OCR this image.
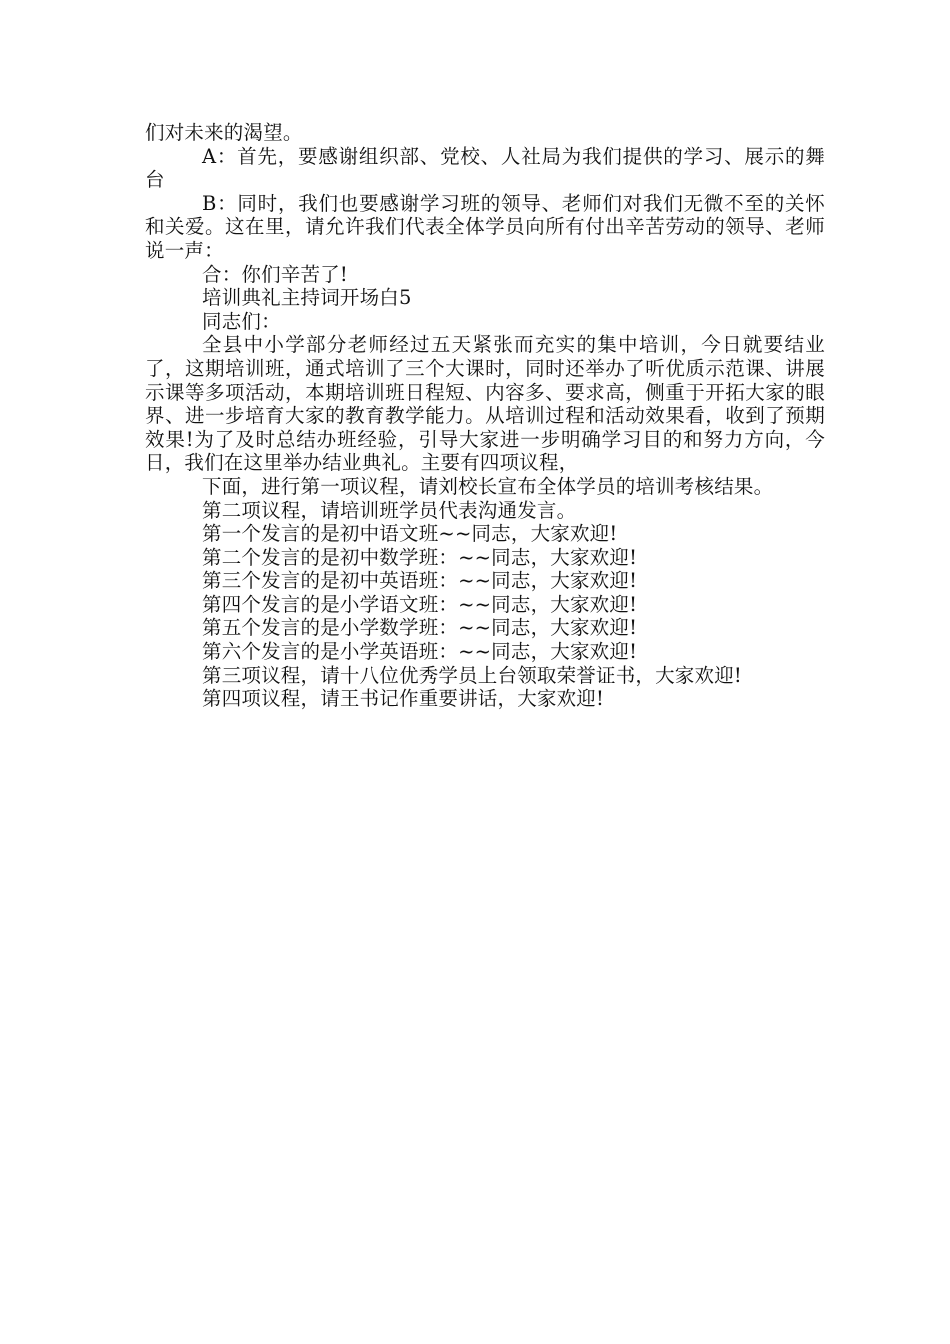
们对未来的渴望。

A：首先，要感谢组织部、党校、人社局为我们提供的学习、展示的舞台

B：同时，我们也要感谢学习班的领导、老师们对我们无微不至的关怀和关爱。这在里，请允许我们代表全体学员向所有付出辛苦劳动的领导、老师说一声：

合：你们辛苦了!

培训典礼主持词开场白5

同志们：

全县中小学部分老师经过五天紧张而充实的集中培训，今日就要结业了，这期培训班，通式培训了三个大课时，同时还举办了听优质示范课、讲展示课等多项活动，本期培训班日程短、内容多、要求高，侧重于开拓大家的眼界、进一步培育大家的教育教学能力。从培训过程和活动效果看，收到了预期效果!为了及时总结办班经验，引导大家进一步明确学习目的和努力方向，今日，我们在这里举办结业典礼。主要有四项议程，

下面，进行第一项议程，请刘校长宣布全体学员的培训考核结果。

第二项议程，请培训班学员代表沟通发言。

第一个发言的是初中语文班~~同志，大家欢迎!

第二个发言的是初中数学班：~~同志，大家欢迎!

第三个发言的是初中英语班：~~同志，大家欢迎!

第四个发言的是小学语文班：~~同志，大家欢迎!

第五个发言的是小学数学班：~~同志，大家欢迎!

第六个发言的是小学英语班：~~同志，大家欢迎!

第三项议程，请十八位优秀学员上台领取荣誉证书，大家欢迎!

第四项议程，请王书记作重要讲话，大家欢迎!
